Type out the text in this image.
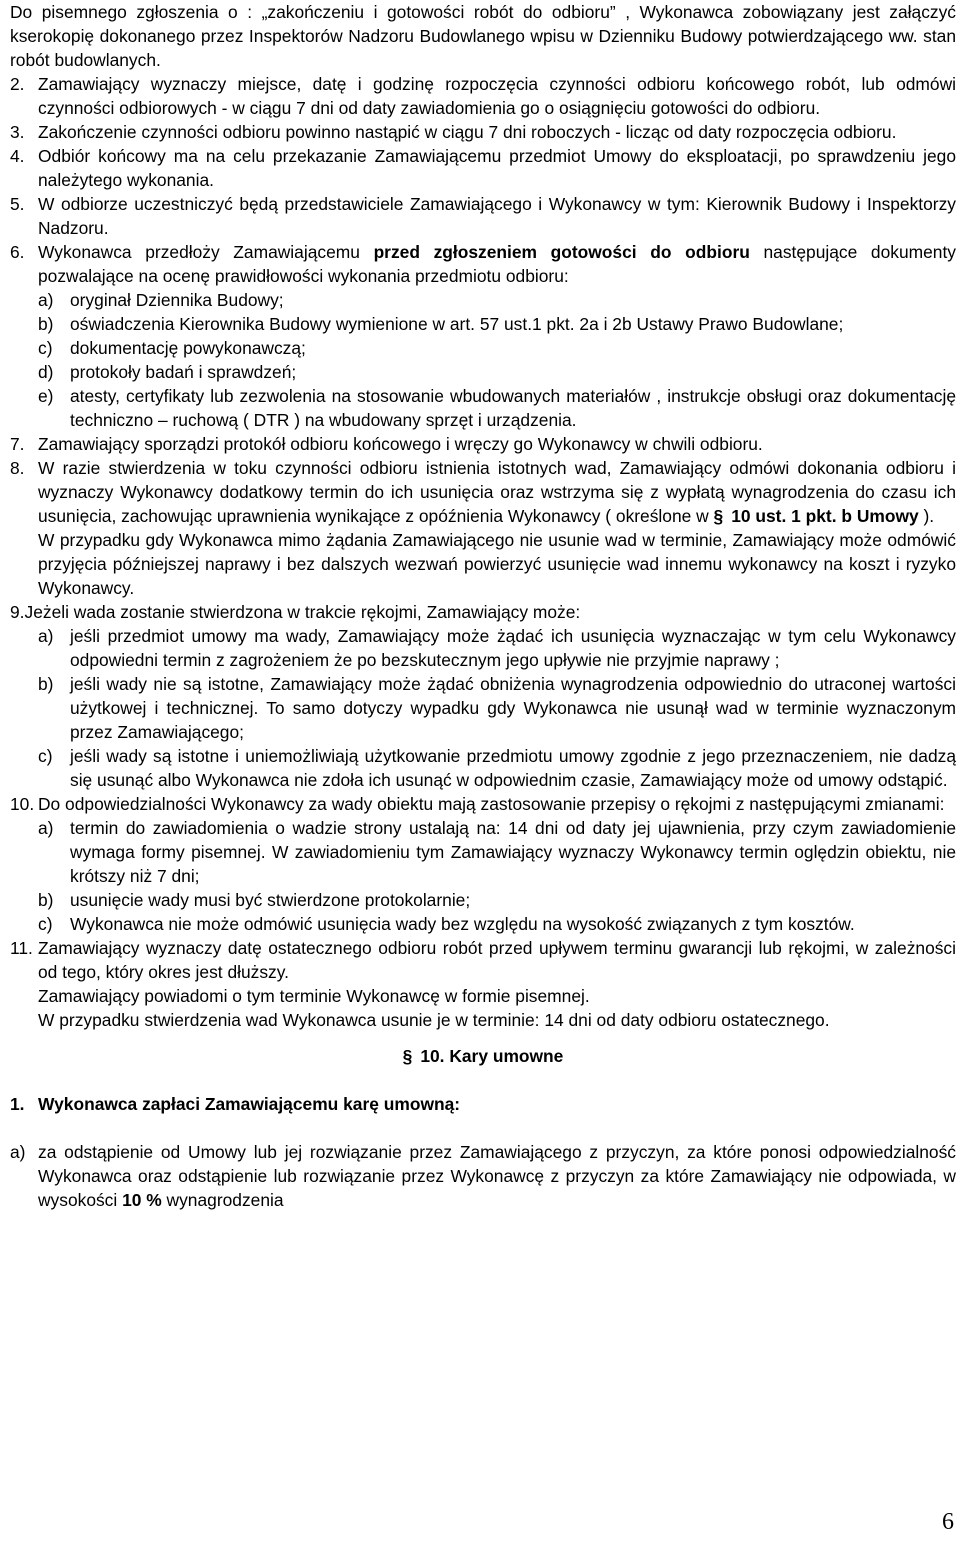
Do pisemnego zgłoszenia o : „zakończeniu i gotowości robót do odbioru” , Wykonawca zobowiązany jest załączyć kserokopię dokonanego przez Inspektorów Nadzoru Budowlanego wpisu w Dzienniku Budowy potwierdzającego ww. stan robót budowlanych.

2. Zamawiający wyznaczy miejsce, datę i godzinę rozpoczęcia czynności odbioru końcowego robót, lub odmówi czynności odbiorowych - w ciągu 7 dni od daty zawiadomienia go o osiągnięciu gotowości do odbioru.

3. Zakończenie czynności odbioru powinno nastąpić w ciągu 7 dni roboczych - licząc od daty rozpoczęcia odbioru.

4. Odbiór końcowy ma na celu przekazanie Zamawiającemu przedmiot Umowy do eksploatacji, po sprawdzeniu jego należytego wykonania.

5. W odbiorze uczestniczyć będą przedstawiciele Zamawiającego i Wykonawcy w tym: Kierownik Budowy i Inspektorzy Nadzoru.

6. Wykonawca przedłoży Zamawiającemu przed zgłoszeniem gotowości do odbioru następujące dokumenty pozwalające na ocenę prawidłowości wykonania przedmiotu odbioru:

a) oryginał Dziennika Budowy;

b) oświadczenia Kierownika Budowy wymienione w art. 57 ust.1 pkt. 2a i 2b Ustawy Prawo Budowlane;

c) dokumentację powykonawczą;

d) protokoły badań i sprawdzeń;

e) atesty, certyfikaty lub zezwolenia na stosowanie wbudowanych materiałów , instrukcje obsługi oraz dokumentację techniczno – ruchową ( DTR ) na wbudowany sprzęt i urządzenia.

7. Zamawiający sporządzi protokół odbioru końcowego i wręczy go Wykonawcy w chwili odbioru.

8. W razie stwierdzenia w toku czynności odbioru istnienia istotnych wad, Zamawiający odmówi dokonania odbioru i wyznaczy Wykonawcy dodatkowy termin do ich usunięcia oraz wstrzyma się z wypłatą wynagrodzenia do czasu ich usunięcia, zachowując uprawnienia wynikające z opóźnienia Wykonawcy ( określone w § 10 ust. 1 pkt. b Umowy ).

W przypadku gdy Wykonawca mimo żądania Zamawiającego nie usunie wad w terminie, Zamawiający może odmówić przyjęcia późniejszej naprawy i bez dalszych wezwań powierzyć usunięcie wad innemu wykonawcy na koszt i ryzyko Wykonawcy.

9.Jeżeli wada zostanie stwierdzona w trakcie rękojmi, Zamawiający może:

a) jeśli przedmiot umowy ma wady, Zamawiający może żądać ich usunięcia wyznaczając w tym celu Wykonawcy odpowiedni termin z zagrożeniem że po bezskutecznym jego upływie nie przyjmie naprawy ;

b) jeśli wady nie są istotne, Zamawiający może żądać obniżenia wynagrodzenia odpowiednio do utraconej wartości użytkowej i technicznej. To samo dotyczy wypadku gdy Wykonawca nie usunął wad w terminie wyznaczonym przez Zamawiającego;

c) jeśli wady są istotne i uniemożliwiają użytkowanie przedmiotu umowy zgodnie z jego przeznaczeniem, nie dadzą się usunąć albo Wykonawca nie zdoła ich usunąć w odpowiednim czasie, Zamawiający może od umowy odstąpić.

10. Do odpowiedzialności Wykonawcy za wady obiektu mają zastosowanie przepisy o rękojmi z następującymi zmianami:

a) termin do zawiadomienia o wadzie strony ustalają na: 14 dni od daty jej ujawnienia, przy czym zawiadomienie wymaga formy pisemnej. W zawiadomieniu tym Zamawiający wyznaczy Wykonawcy termin oględzin obiektu, nie krótszy niż 7 dni;

b) usunięcie wady musi być stwierdzone protokolarnie;

c) Wykonawca nie może odmówić usunięcia wady bez względu na wysokość związanych z tym kosztów.

11. Zamawiający wyznaczy datę ostatecznego odbioru robót przed upływem terminu gwarancji lub rękojmi, w zależności od tego, który okres jest dłuższy.

Zamawiający powiadomi o tym terminie Wykonawcę w formie pisemnej.

W przypadku stwierdzenia wad Wykonawca usunie je w terminie: 14 dni od daty odbioru ostatecznego.

§ 10. Kary umowne

1. Wykonawca zapłaci Zamawiającemu karę umowną:

a) za odstąpienie od Umowy lub jej rozwiązanie przez Zamawiającego z przyczyn, za które ponosi odpowiedzialność Wykonawca oraz odstąpienie lub rozwiązanie przez Wykonawcę z przyczyn za które Zamawiający nie odpowiada, w wysokości 10 % wynagrodzenia

6
